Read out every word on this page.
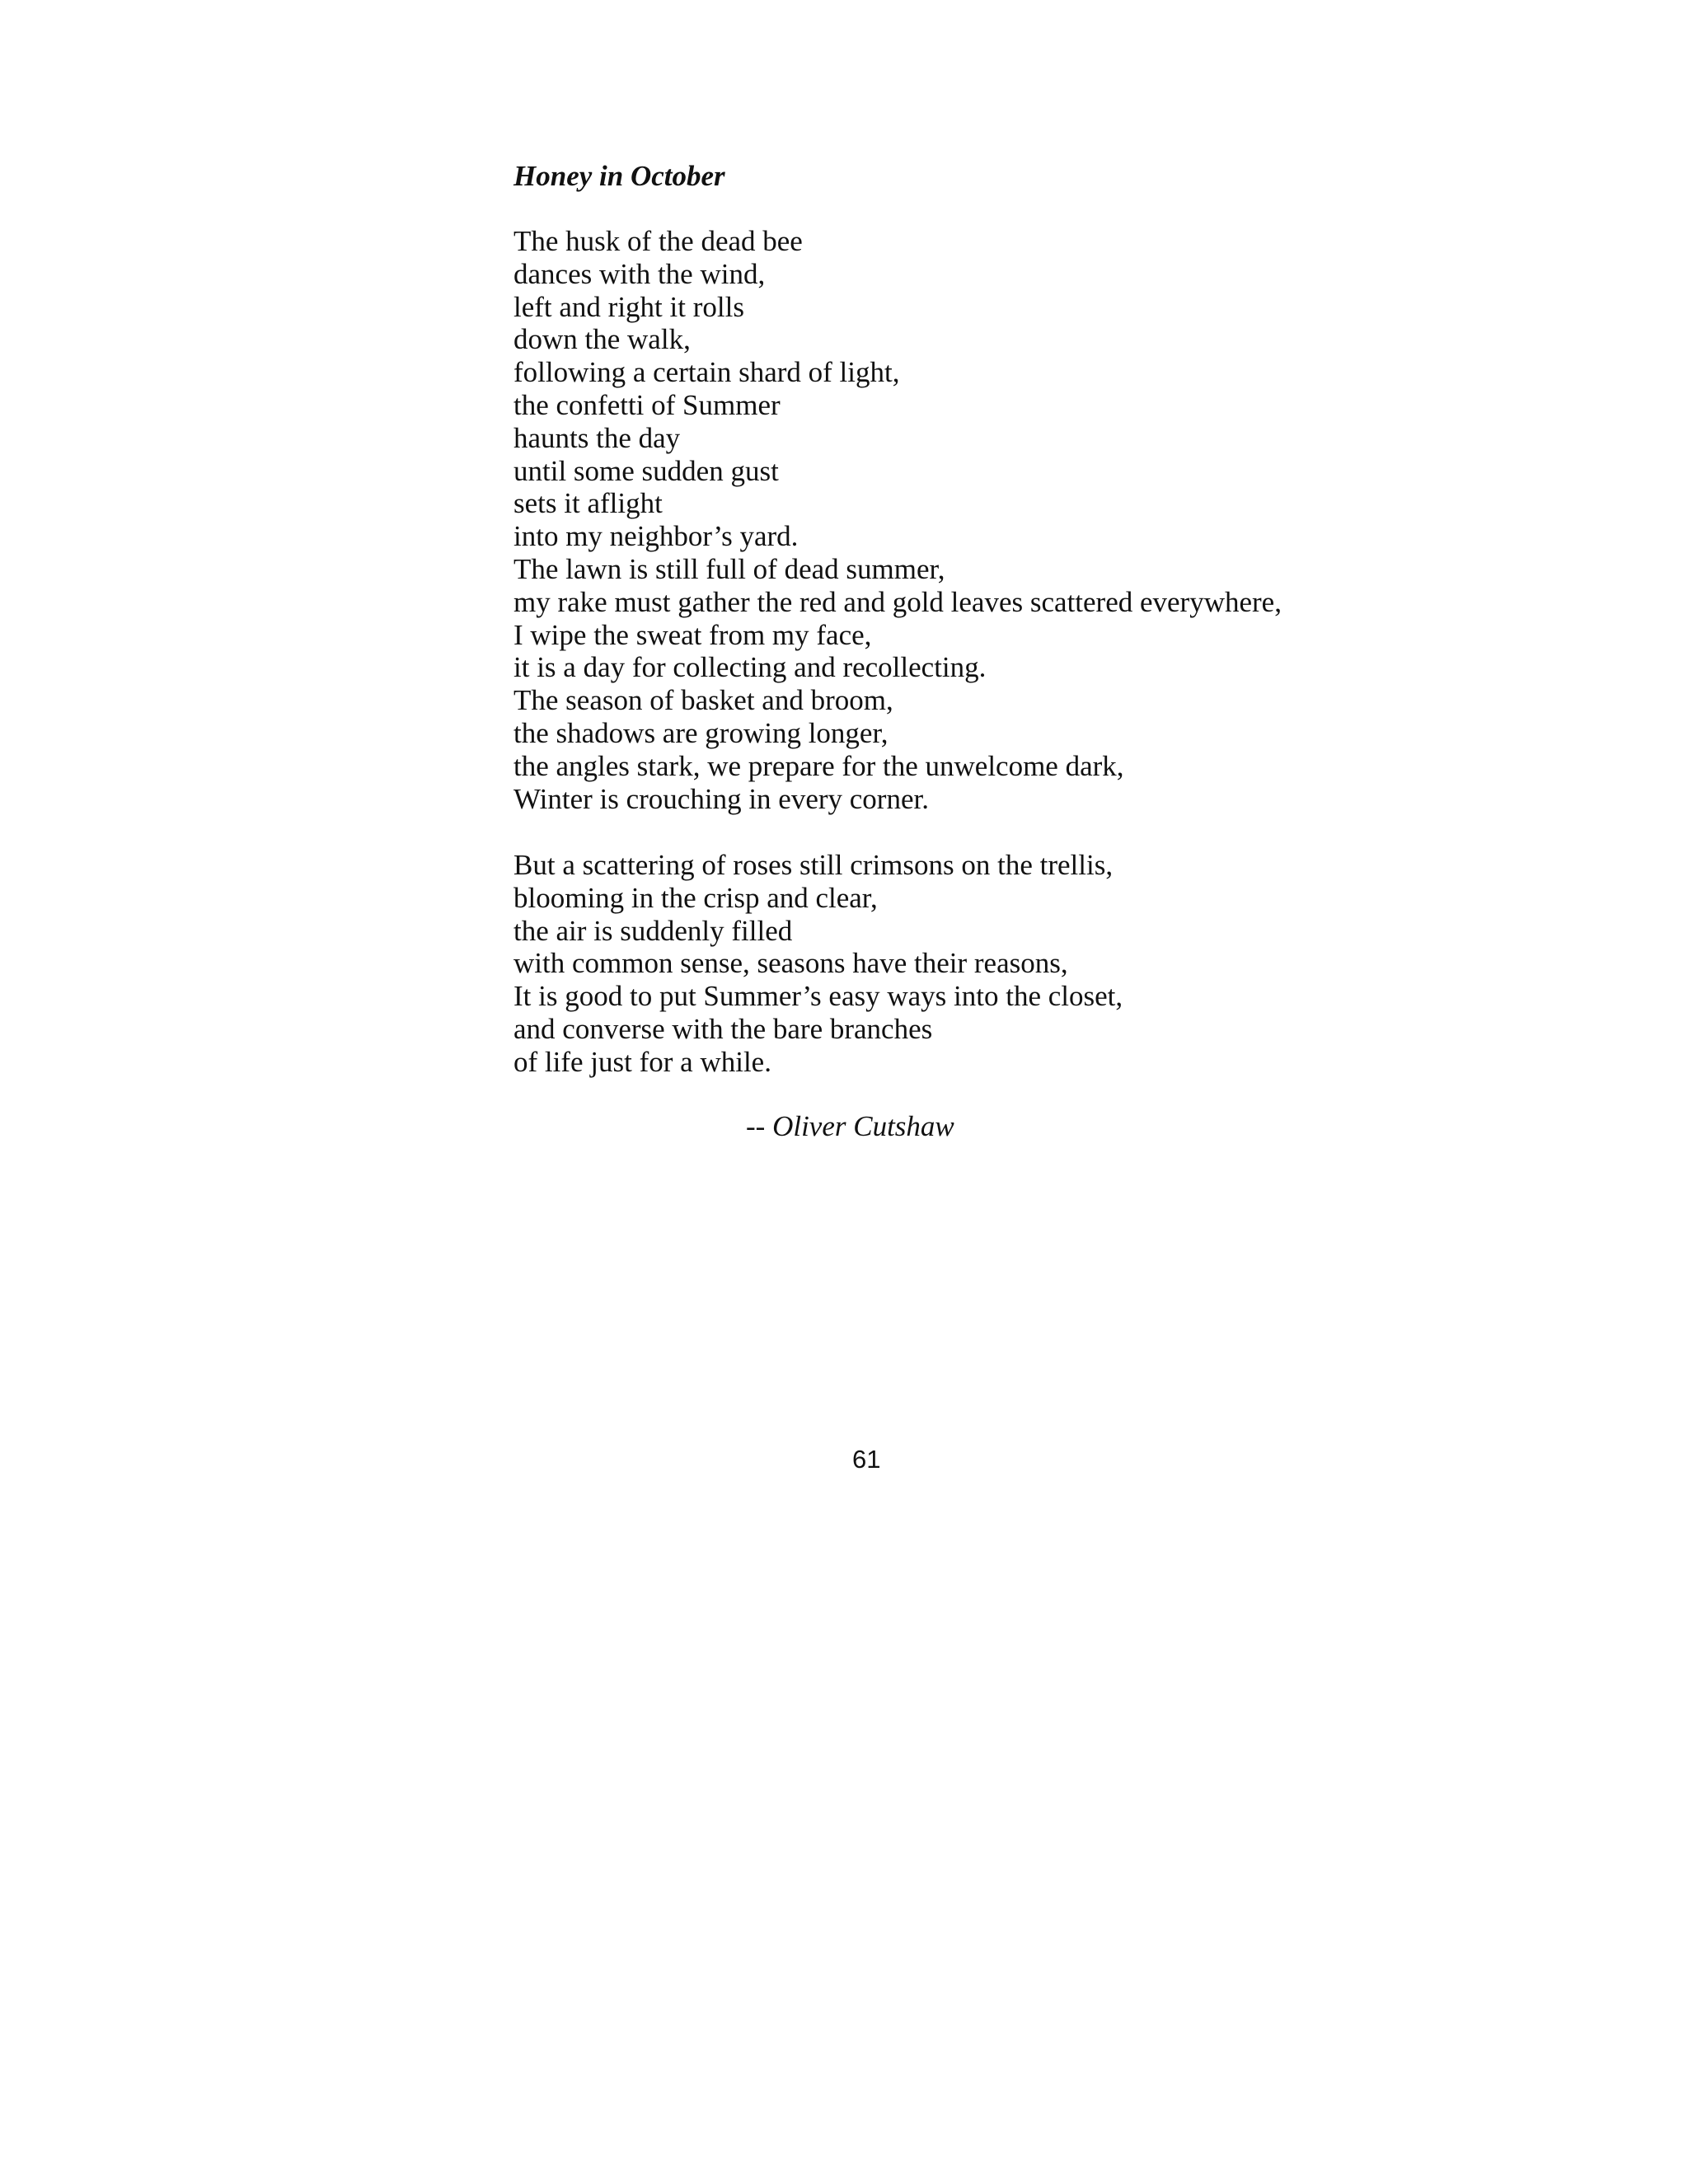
Honey in October
The husk of the dead bee
dances with the wind,
left and right it rolls
down the walk,
following a certain shard of light,
the confetti of Summer
haunts the day
until some sudden gust
sets it aflight
into my neighbor’s yard.
The lawn is still full of dead summer,
my rake must gather the red and gold leaves scattered everywhere,
I wipe the sweat from my face,
it is a day for collecting and recollecting.
The season of basket and broom,
the shadows are growing longer,
the angles stark, we prepare for the unwelcome dark,
Winter is crouching in every corner.
But a scattering of roses still crimsons on the trellis,
blooming in the crisp and clear,
the air is suddenly filled
with common sense, seasons have their reasons,
It is good to put Summer’s easy ways into the closet,
and converse with the bare branches
of life just for a while.
-- Oliver Cutshaw
61
